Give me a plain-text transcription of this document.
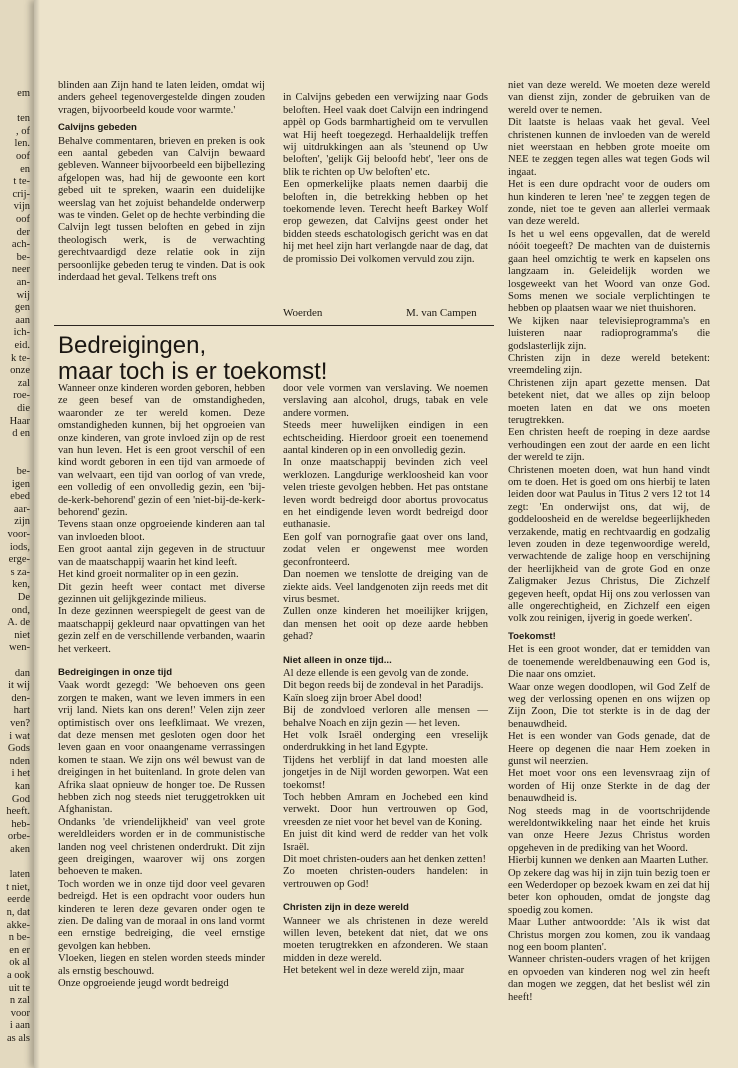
em
ten
, of
len.
oof
en
t te-
crij-
vijn
oof
der
ach-
be-
neer
an-
wij
gen
aan
ich-
eid.
k te-
onze
zal
roe-
die
Haar
d en
be-
igen
ebed
aar-
zijn
voor-
iods,
erge-
s za-
ken,
De
ond,
A. de
niet
wen-
dan
it wij
den-
hart
ven?
i wat
Gods
nden
i het
kan
God
heeft.
heb-
orbe-
aken
laten
t niet,
eerde
n, dat
akke-
n be-
en er
ok al
a ook
uit te
n zal
voor
i aan
as als

blinden aan Zijn hand te laten leiden, omdat wij anders geheel tegenovergestelde dingen zouden vragen, bijvoorbeeld koude voor warmte.'

Calvijns gebeden

Behalve commentaren, brieven en preken is ook een aantal gebeden van Calvijn bewaard gebleven. Wanneer bijvoorbeeld een bijbellezing afgelopen was, had hij de gewoonte een kort gebed uit te spreken, waarin een duidelijke weerslag van het zojuist behandelde onderwerp was te vinden. Gelet op de hechte verbinding die Calvijn legt tussen beloften en gebed in zijn theologisch werk, is de verwachting gerechtvaardigd deze relatie ook in zijn persoonlijke gebeden terug te vinden. Dat is ook inderdaad het geval. Telkens treft ons

in Calvijns gebeden een verwijzing naar Gods beloften. Heel vaak doet Calvijn een indringend appèl op Gods barmhartigheid om te vervullen wat Hij heeft toegezegd. Herhaaldelijk treffen wij uitdrukkingen aan als 'steunend op Uw beloften', 'gelijk Gij beloofd hebt', 'leer ons de blik te richten op Uw beloften' etc.
Een opmerkelijke plaats nemen daarbij die beloften in, die betrekking hebben op het toekomende leven. Terecht heeft Barkey Wolf erop gewezen, dat Calvijns geest onder het bidden steeds eschatologisch gericht was en dat hij met heel zijn hart verlangde naar de dag, dat de promissio Dei volkomen vervuld zou zijn.

Woerden	M. van Campen

niet van deze wereld. We moeten deze wereld van dienst zijn, zonder de gebruiken van de wereld over te nemen.

Dit laatste is helaas vaak het geval. Veel christenen kunnen de invloeden van de wereld niet weerstaan en hebben grote moeite om NEE te zeggen tegen alles wat tegen Gods wil ingaat.

Het is een dure opdracht voor de ouders om hun kinderen te leren 'nee' te zeggen tegen de zonde, niet toe te geven aan allerlei vermaak van deze wereld.

Is het u wel eens opgevallen, dat de wereld nóóit toegeeft? De machten van de duisternis gaan heel omzichtig te werk en kapselen ons langzaam in. Geleidelijk worden we losgeweekt van het Woord van onze God. Soms menen we sociale verplichtingen te hebben op plaatsen waar we niet thuishoren.

We kijken naar televisieprogramma's en luisteren naar radioprogramma's die godslasterlijk zijn.

Christen zijn in deze wereld betekent: vreemdeling zijn.

Christenen zijn apart gezette mensen. Dat betekent niet, dat we alles op zijn beloop moeten laten en dat we ons moeten terugtrekken.

Een christen heeft de roeping in deze aardse verhoudingen een zout der aarde en een licht der wereld te zijn.

Christenen moeten doen, wat hun hand vindt om te doen. Het is goed om ons hierbij te laten leiden door wat Paulus in Titus 2 vers 12 tot 14 zegt: 'En onderwijst ons, dat wij, de goddeloosheid en de wereldse begeerlijkheden verzakende, matig en rechtvaardig en godzalig leven zouden in deze tegenwoordige wereld, verwachtende de zalige hoop en verschijning der heerlijkheid van de grote God en onze Zaligmaker Jezus Christus, Die Zichzelf gegeven heeft, opdat Hij ons zou verlossen van alle ongerechtigheid, en Zichzelf een eigen volk zou reinigen, ijverig in goede werken'.

Toekomst!

Het is een groot wonder, dat er temidden van de toenemende wereldbenauwing een God is, Die naar ons omziet.

Waar onze wegen doodlopen, wil God Zelf de weg der verlossing openen en ons wijzen op Zijn Zoon, Die tot sterkte is in de dag der benauwdheid.

Het is een wonder van Gods genade, dat de Heere op degenen die naar Hem zoeken in gunst wil neerzien.

Het moet voor ons een levensvraag zijn of worden of Hij onze Sterkte in de dag der benauwdheid is.

Nog steeds mag in de voortschrijdende wereldontwikkeling naar het einde het kruis van onze Heere Jezus Christus worden opgeheven in de prediking van het Woord.

Hierbij kunnen we denken aan Maarten Luther.

Op zekere dag was hij in zijn tuin bezig toen er een Wederdoper op bezoek kwam en zei dat hij beter kon ophouden, omdat de jongste dag spoedig zou komen.

Maar Luther antwoordde: 'Als ik wist dat Christus morgen zou komen, zou ik vandaag nog een boom planten'.

Wanneer christen-ouders vragen of het krijgen en opvoeden van kinderen nog wel zin heeft dan mogen we zeggen, dat het beslist wél zin heeft!

Bedreigingen,
maar toch is er toekomst!

Wanneer onze kinderen worden geboren, hebben ze geen besef van de omstandigheden, waaronder ze ter wereld komen. Deze omstandigheden kunnen, bij het opgroeien van onze kinderen, van grote invloed zijn op de rest van hun leven. Het is een groot verschil of een kind wordt geboren in een tijd van armoede of van welvaart, een tijd van oorlog of van vrede, een volledig of een onvolledig gezin, een 'bij-de-kerk-behorend' gezin of een 'niet-bij-de-kerk-behorend' gezin.

Tevens staan onze opgroeiende kinderen aan tal van invloeden bloot.

Een groot aantal zijn gegeven in de structuur van de maatschappij waarin het kind leeft.

Het kind groeit normaliter op in een gezin.

Dit gezin heeft weer contact met diverse gezinnen uit gelijkgezinde milieus.

In deze gezinnen weerspiegelt de geest van de maatschappij gekleurd naar opvattingen van het gezin zelf en de verschillende verbanden, waarin het verkeert.

Bedreigingen in onze tijd

Vaak wordt gezegd: 'We behoeven ons geen zorgen te maken, want we leven immers in een vrij land. Niets kan ons deren!' Velen zijn zeer optimistisch over ons leefklimaat. We vrezen, dat deze mensen met gesloten ogen door het leven gaan en voor onaangename verrassingen komen te staan. We zijn ons wél bewust van de dreigingen in het buitenland. In grote delen van Afrika slaat opnieuw de honger toe. De Russen hebben zich nog steeds niet teruggetrokken uit Afghanistan.

Ondanks 'de vriendelijkheid' van veel grote wereldleiders worden er in de communistische landen nog veel christenen onderdrukt. Dit zijn geen dreigingen, waarover wij ons zorgen behoeven te maken.

Toch worden we in onze tijd door veel gevaren bedreigd. Het is een opdracht voor ouders hun kinderen te leren deze gevaren onder ogen te zien. De daling van de moraal in ons land vormt een ernstige bedreiging, die veel ernstige gevolgen kan hebben.

Vloeken, liegen en stelen worden steeds minder als ernstig beschouwd.

Onze opgroeiende jeugd wordt bedreigd

door vele vormen van verslaving. We noemen verslaving aan alcohol, drugs, tabak en vele andere vormen.

Steeds meer huwelijken eindigen in een echtscheiding. Hierdoor groeit een toenemend aantal kinderen op in een onvolledig gezin.

In onze maatschappij bevinden zich veel werklozen. Langdurige werkloosheid kan voor velen trieste gevolgen hebben. Het pas ontstane leven wordt bedreigd door abortus provocatus en het eindigende leven wordt bedreigd door euthanasie.

Een golf van pornografie gaat over ons land, zodat velen er ongewenst mee worden geconfronteerd.

Dan noemen we tenslotte de dreiging van de ziekte aids. Veel landgenoten zijn reeds met dit virus besmet.

Zullen onze kinderen het moeilijker krijgen, dan mensen het ooit op deze aarde hebben gehad?

Niet alleen in onze tijd...

Al deze ellende is een gevolg van de zonde.

Dit begon reeds bij de zondeval in het Paradijs.

Kaïn sloeg zijn broer Abel dood!

Bij de zondvloed verloren alle mensen — behalve Noach en zijn gezin — het leven.

Het volk Israël onderging een vreselijk onderdrukking in het land Egypte.

Tijdens het verblijf in dat land moesten alle jongetjes in de Nijl worden geworpen. Wat een toekomst!

Toch hebben Amram en Jochebed een kind verwekt. Door hun vertrouwen op God, vreesden ze niet voor het bevel van de Koning.

En juist dit kind werd de redder van het volk Israël.

Dit moet christen-ouders aan het denken zetten!

Zo moeten christen-ouders handelen: in vertrouwen op God!

Christen zijn in deze wereld

Wanneer we als christenen in deze wereld willen leven, betekent dat niet, dat we ons moeten terugtrekken en afzonderen. We staan midden in deze wereld.

Het betekent wel in deze wereld zijn, maar
